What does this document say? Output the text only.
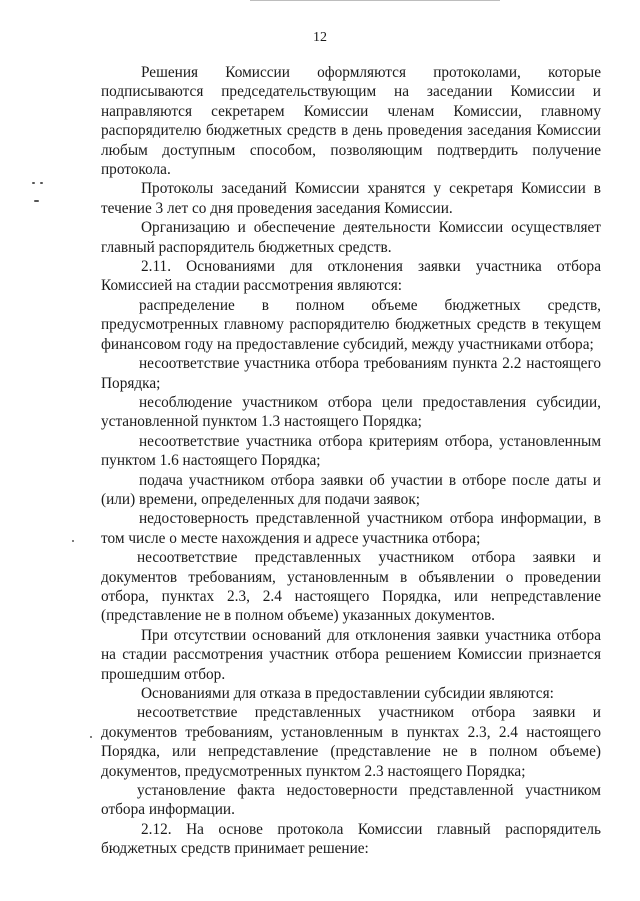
12

Решения Комиссии оформляются протоколами, которые подписываются председательствующим на заседании Комиссии и направляются секретарем Комиссии членам Комиссии, главному распорядителю бюджетных средств в день проведения заседания Комиссии любым доступным способом, позволяющим подтвердить получение протокола.

Протоколы заседаний Комиссии хранятся у секретаря Комиссии в течение 3 лет со дня проведения заседания Комиссии.

Организацию и обеспечение деятельности Комиссии осуществляет главный распорядитель бюджетных средств.

2.11. Основаниями для отклонения заявки участника отбора Комиссией на стадии рассмотрения являются:

распределение в полном объеме бюджетных средств, предусмотренных главному распорядителю бюджетных средств в текущем финансовом году на предоставление субсидий, между участниками отбора;

несоответствие участника отбора требованиям пункта 2.2 настоящего Порядка;

несоблюдение участником отбора цели предоставления субсидии, установленной пунктом 1.3 настоящего Порядка;

несоответствие участника отбора критериям отбора, установленным пунктом 1.6 настоящего Порядка;

подача участником отбора заявки об участии в отборе после даты и (или) времени, определенных для подачи заявок;

недостоверность представленной участником отбора информации, в том числе о месте нахождения и адресе участника отбора;

несоответствие представленных участником отбора заявки и документов требованиям, установленным в объявлении о проведении отбора, пунктах 2.3, 2.4 настоящего Порядка, или непредставление (представление не в полном объеме) указанных документов.

При отсутствии оснований для отклонения заявки участника отбора на стадии рассмотрения участник отбора решением Комиссии признается прошедшим отбор.

Основаниями для отказа в предоставлении субсидии являются:

несоответствие представленных участником отбора заявки и документов требованиям, установленным в пунктах 2.3, 2.4 настоящего Порядка, или непредставление (представление не в полном объеме) документов, предусмотренных пунктом 2.3 настоящего Порядка;

установление факта недостоверности представленной участником отбора информации.

2.12. На основе протокола Комиссии главный распорядитель бюджетных средств принимает решение:
